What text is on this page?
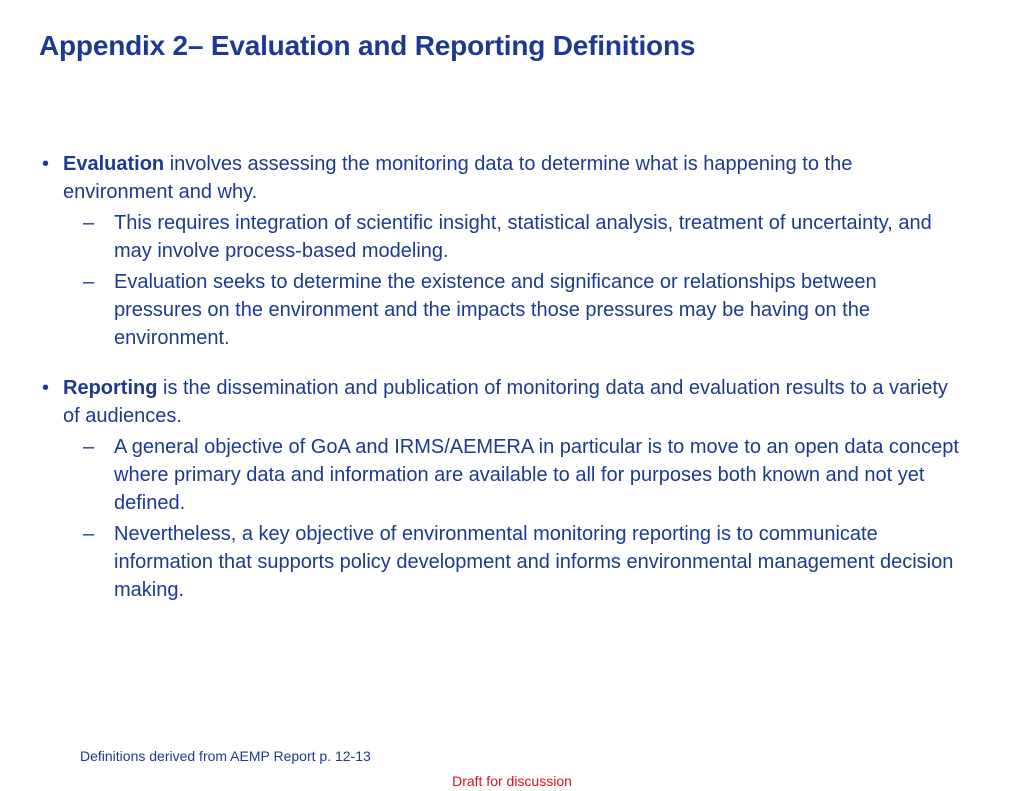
Appendix 2– Evaluation and Reporting Definitions
• Evaluation involves assessing the monitoring data to determine what is happening to the environment and why.
– This requires integration of scientific insight, statistical analysis, treatment of uncertainty, and may involve process-based modeling.
– Evaluation seeks to determine the existence and significance or relationships between pressures on the environment and the impacts those pressures may be having on the environment.
• Reporting is the dissemination and publication of monitoring data and evaluation results to a variety of audiences.
– A general objective of GoA and IRMS/AEMERA in particular is to move to an open data concept where primary data and information are available to all for purposes both known and not yet defined.
– Nevertheless, a key objective of environmental monitoring reporting is to communicate information that supports policy development and informs environmental management decision making.
Definitions derived from AEMP Report p. 12-13
Draft for discussion
